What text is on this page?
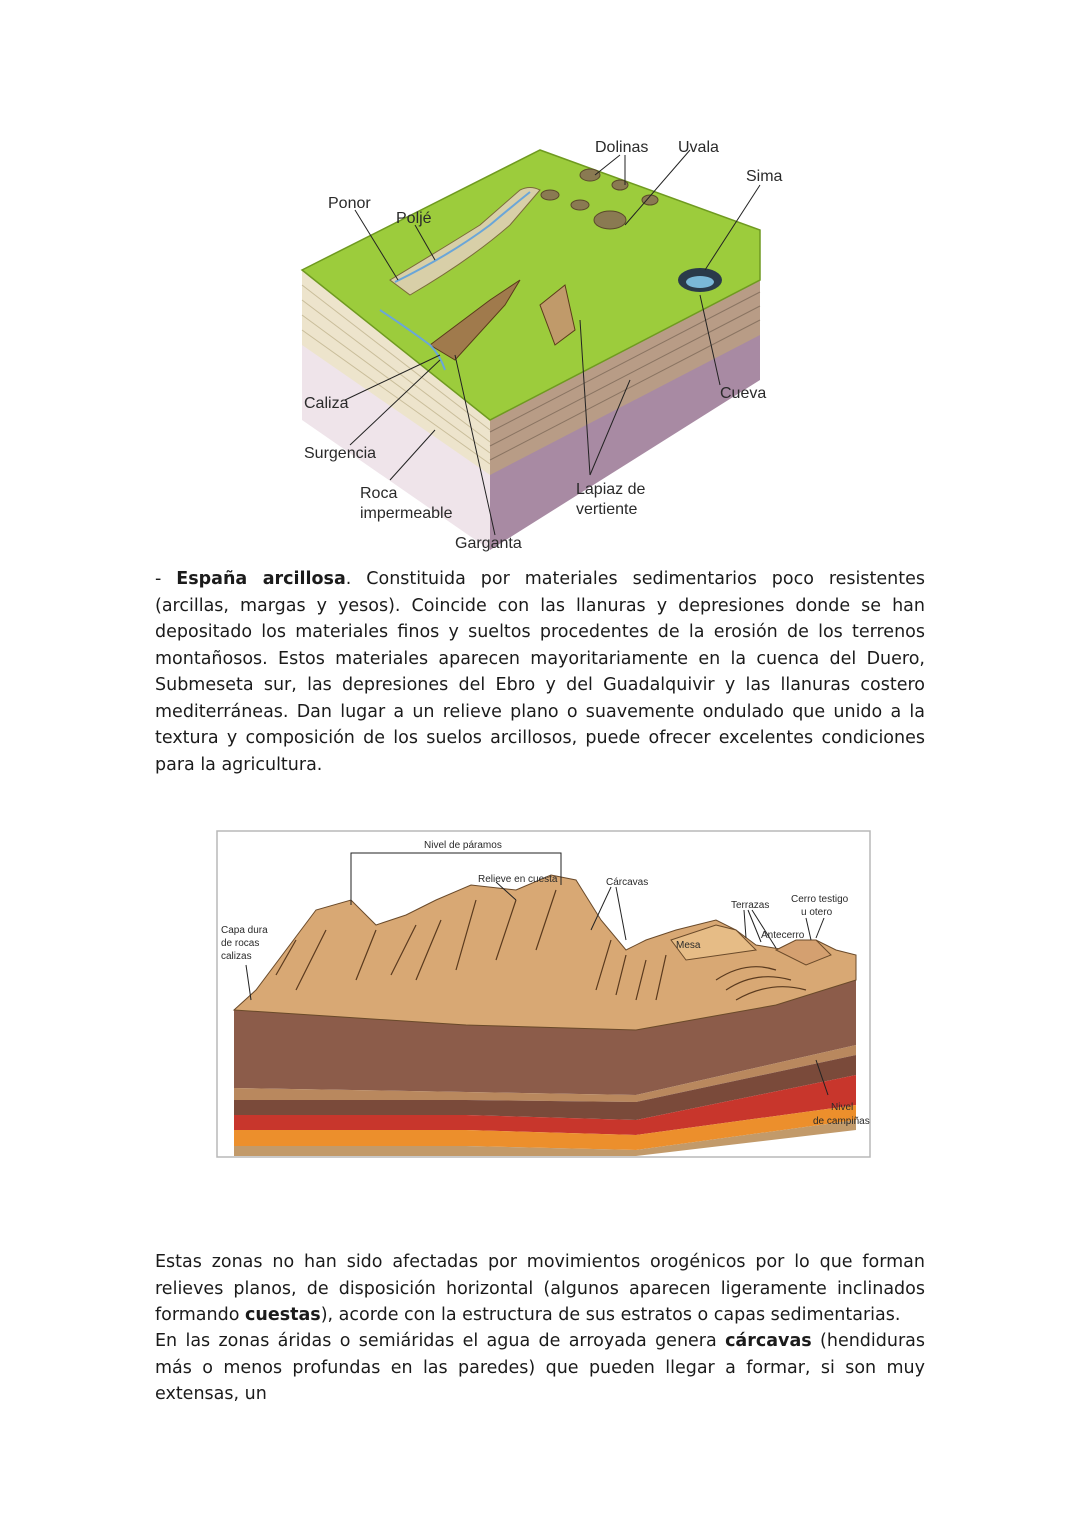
Dolinas Uvala
Sima
Ponor
Poljé
Caliza
Cueva
Surgencia
Roca
impermeable
Lapiaz de
vertiente
Garganta
- España arcillosa. Constituida por materiales sedimentarios poco resistentes (arcillas, margas y yesos). Coincide con las llanuras y depresiones donde se han depositado los materiales finos y sueltos procedentes de la erosión de los terrenos montañosos. Estos materiales aparecen mayoritariamente en la cuenca del Duero, Submeseta sur, las depresiones del Ebro y del Guadalquivir y las llanuras costero mediterráneas. Dan lugar a un relieve plano o suavemente ondulado que unido a la textura y composición de los suelos arcillosos, puede ofrecer excelentes condiciones para la agricultura.
Nivel de páramos
Relieve en cuesta	Cárcavas
Terrazas
Cerro testigo
u otero
Capa dura
de rocas
calizas
Mesa
Antecerro
Nivel
de campiñas
Estas zonas no han sido afectadas por movimientos orogénicos por lo que forman relieves planos, de disposición horizontal (algunos aparecen ligeramente inclinados formando cuestas), acorde con la estructura de sus estratos o capas sedimentarias.
En las zonas áridas o semiáridas el agua de arroyada genera cárcavas (hendiduras más o menos profundas en las paredes) que pueden llegar a formar, si son muy extensas, un
